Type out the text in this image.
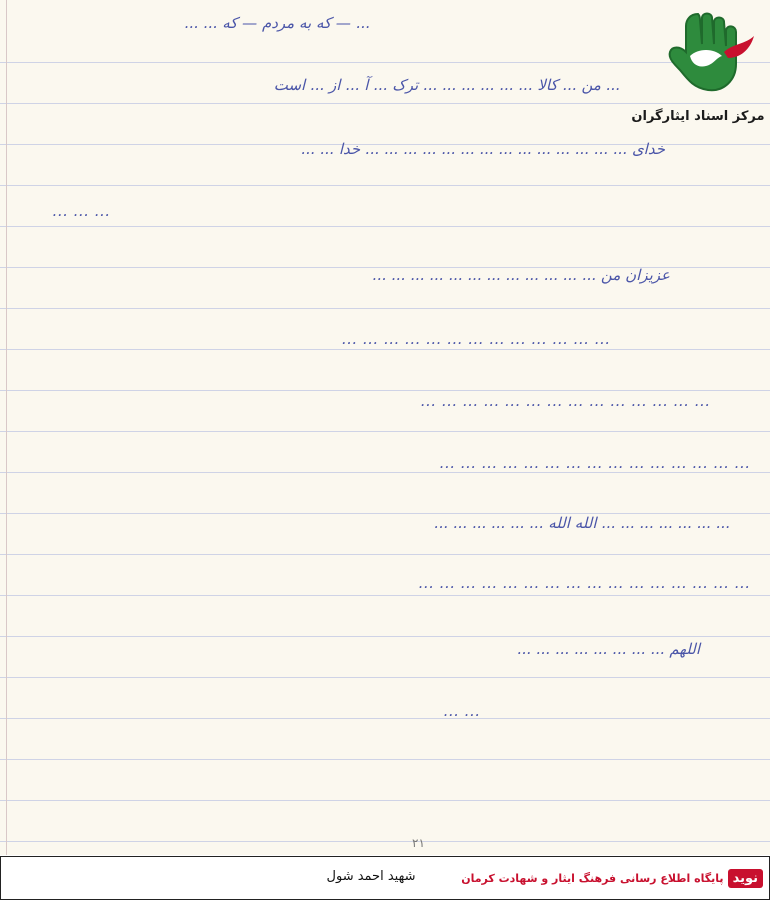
... — که به مردم — که ... ...
... من ... کالا ... ... ... ... ... ... ترک ... آ ... از ... است
خدای ... ... ... ... ... ... ... ... ... ... ... ... ... ... خدا ... ...
... ... ...
عزیزان من ... ... ... ... ... ... ... ... ... ... ... ...
... ... ... ... ... ... ... ... ... ... ... ... ...
... ... ... ... ... ... ... ... ... ... ... ... ... ...
... ... ... ... ... ... ... ... ... ... ... ... ... ... ...
... ... ... ... ... ... ... الله الله ... ... ... ... ... ...
... ... ... ... ... ... ... ... ... ... ... ... ... ... ... ...
اللهم ... ... ... ... ... ... ... ...
... ...
۲۱
مرکز اسناد ایثارگران
شهید احمد شول	نوید
پایگاه اطلاع رسانی فرهنگ ایثار و شهادت کرمان
